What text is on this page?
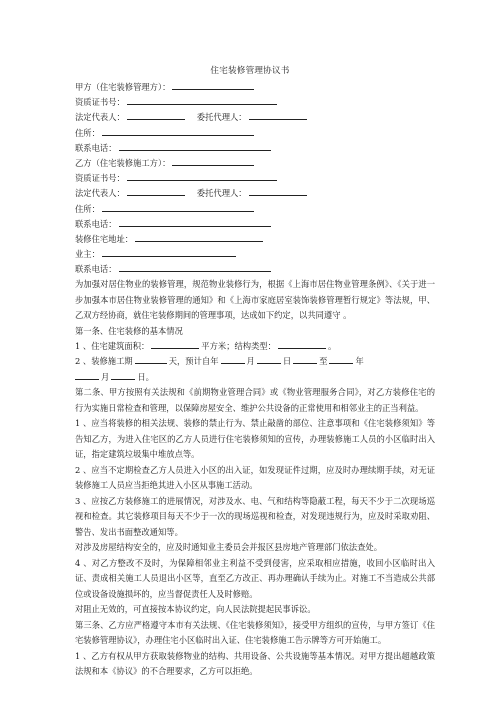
住宅装修管理协议书
甲方（住宅装修管理方）：
资质证书号：
法定代表人：	委托代理人：
住所：
联系电话：
乙方（住宅装修施工方）：
资质证书号：
法定代表人：	委托代理人：
住所：
联系电话：
装修住宅地址：
业主：
联系电话：
为加强对居住物业的装修管理，规范物业装修行为，根据《上海市居住物业管理条例》、《关于进一步加强本市居住物业装修管理的通知》和《上海市家庭居室装饰装修管理暂行规定》等法规，甲、乙双方经协商，就住宅装修期间的管理事项，达成如下约定，以共同遵守 。
第一条、住宅装修的基本情况
1 、住宅建筑面积：	平方米；结构类型：	。
2 、装修施工期	天，预计自年	月	日	至	年
月	日。
第二条、甲方按照有关法规和《前期物业管理合同》或《物业管理服务合同》，对乙方装修住宅的行为实施日常检查和管理，以保障房屋安全、维护公共设备的正常使用和相邻业主的正当利益。
1 、应当将装修的相关法规、装修的禁止行为、禁止敲凿的部位、注意事项和《住宅装修须知》等告知乙方，为进入住宅区的乙方人员进行住宅装修须知的宣传，办理装修施工人员的小区临时出入证，指定建筑垃圾集中堆放点等。
2 、应当不定期检查乙方人员进入小区的出入证，如发现证件过期，应及时办理续期手续，对无证装修施工人员应当拒绝其进入小区从事施工活动。
3 、应按乙方装修施工的进展情况，对涉及水、电、气和结构等隐蔽工程，每天不少于二次现场巡视和检查。其它装修项目每天不少于一次的现场巡视和检查，对发现违规行为，应及时采取劝阻、警告、发出书面整改通知等。
对涉及房屋结构安全的，应及时通知业主委员会并报区县房地产管理部门依法查处。
4 、对乙方整改不及时，为保障相邻业主利益不受到侵害，应采取相应措施，收回小区临时出入证、责成相关施工人员退出小区等，直至乙方改正、再办理确认手续为止。对施工不当造成公共部位或设备设施损坏的，应当督促责任人及时修赔。
对阻止无效的，可直接按本协议约定，向人民法院提起民事诉讼。
第三条、乙方应严格遵守本市有关法规、《住宅装修须知》，接受甲方组织的宣传，与甲方签订《住宅装修管理协议》，办理住宅小区临时出入证、住宅装修施工告示牌等方可开始施工。
1 、乙方有权从甲方获取装修物业的结构、共用设备、公共设施等基本情况。对甲方提出超越政策法规和本《协议》的不合理要求，乙方可以拒绝。
